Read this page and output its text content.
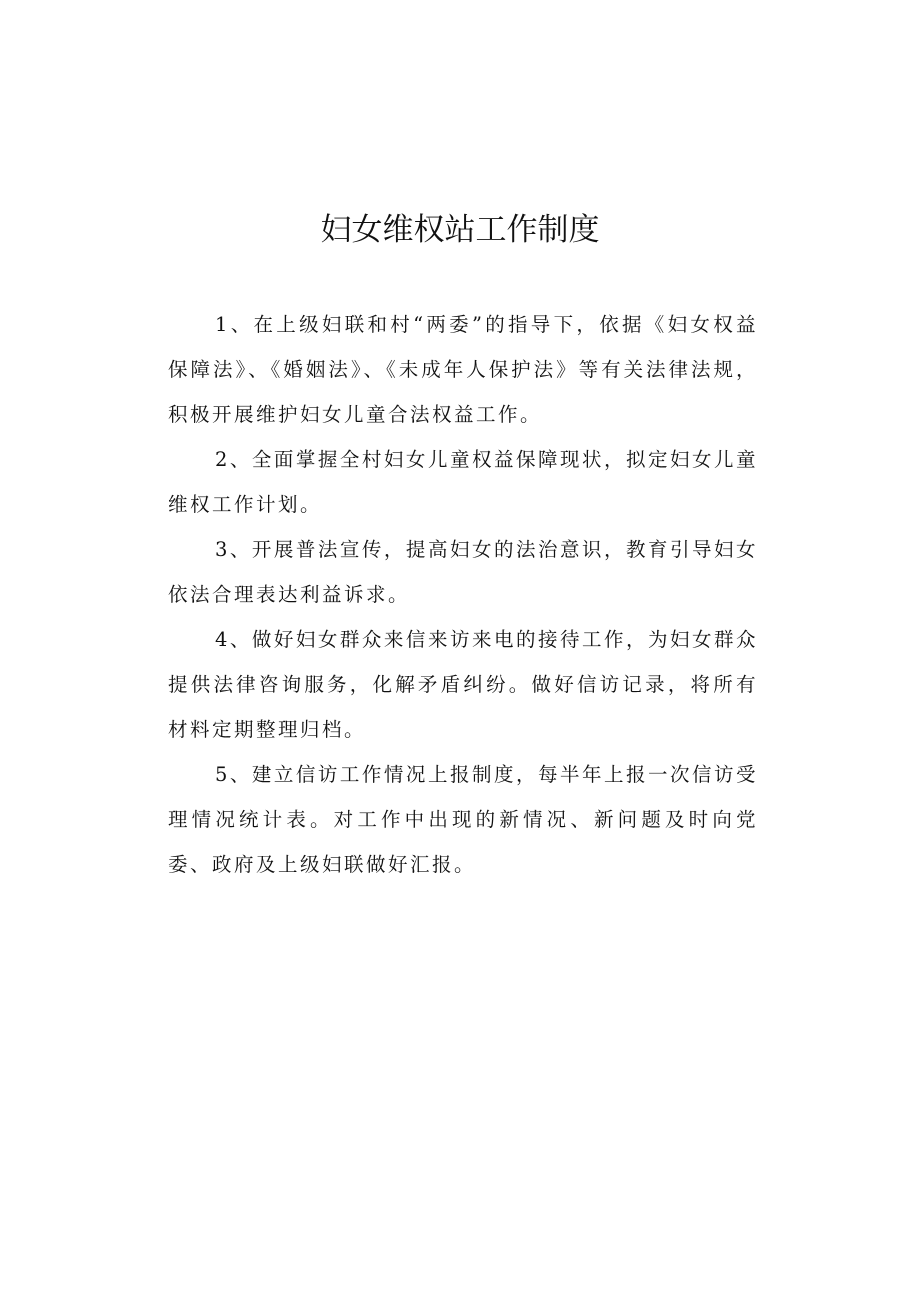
妇女维权站工作制度

1、在上级妇联和村“两委”的指导下，依据《妇女权益保障法》、《婚姻法》、《未成年人保护法》等有关法律法规，积极开展维护妇女儿童合法权益工作。

2、全面掌握全村妇女儿童权益保障现状，拟定妇女儿童维权工作计划。

3、开展普法宣传，提高妇女的法治意识，教育引导妇女依法合理表达利益诉求。

4、做好妇女群众来信来访来电的接待工作，为妇女群众提供法律咨询服务，化解矛盾纠纷。做好信访记录，将所有材料定期整理归档。

5、建立信访工作情况上报制度，每半年上报一次信访受理情况统计表。对工作中出现的新情况、新问题及时向党委、政府及上级妇联做好汇报。
